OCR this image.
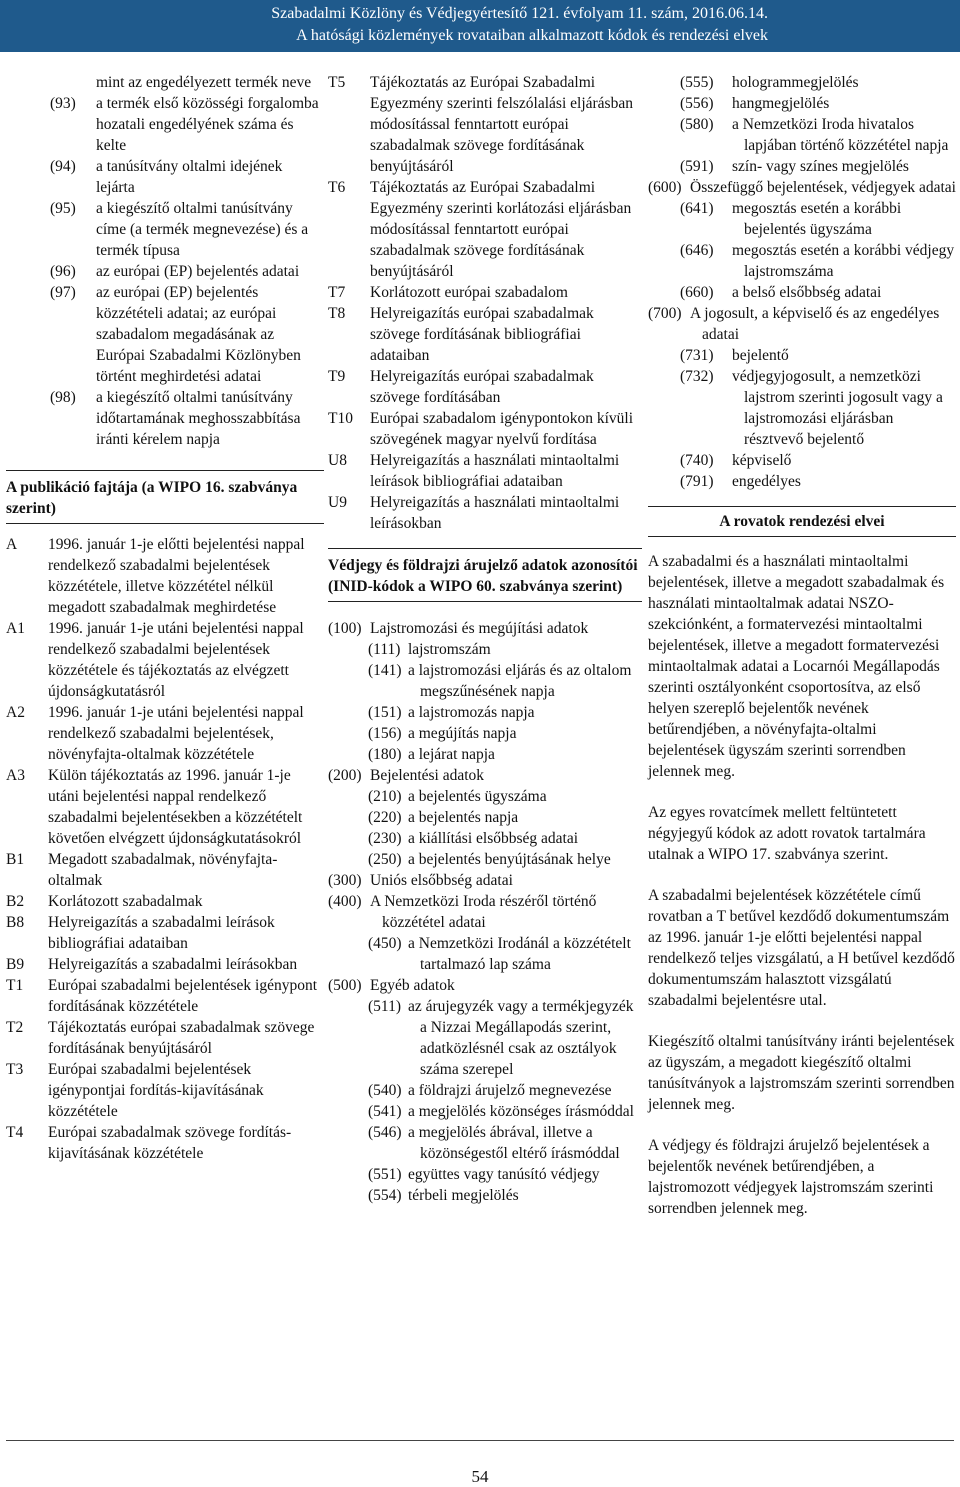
Szabadalmi Közlöny és Védjegyértesítő 121. évfolyam 11. szám, 2016.06.14.
A hatósági közlemények rovataiban alkalmazott kódok és rendezési elvek
mint az engedélyezett termék neve
(93)	a termék első közösségi forgalomba hozatali engedélyének száma és kelte
(94)	a tanúsítvány oltalmi idejének lejárta
(95)	a kiegészítő oltalmi tanúsítvány címe (a termék megnevezése) és a termék típusa
(96)	az európai (EP) bejelentés adatai
(97)	az európai (EP) bejelentés közzétételi adatai; az európai szabadalom megadásának az Európai Szabadalmi Közlönyben történt meghirdetési adatai
(98)	a kiegészítő oltalmi tanúsítvány időtartamának meghosszabbítása iránti kérelem napja
A publikáció fajtája (a WIPO 16. szabványa szerint)
A	1996. január 1-je előtti bejelentési nappal rendelkező szabadalmi bejelentések közzététele, illetve közzététel nélkül megadott szabadalmak meghirdetése
A1	1996. január 1-je utáni bejelentési nappal rendelkező szabadalmi bejelentések közzététele és tájékoztatás az elvégzett újdonságkutatásról
A2	1996. január 1-je utáni bejelentési nappal rendelkező szabadalmi bejelentések, növényfajta-oltalmak közzététele
A3	Külön tájékoztatás az 1996. január 1-je utáni bejelentési nappal rendelkező szabadalmi bejelentésekben a közzétételt követően elvégzett újdonságkutatásokról
B1	Megadott szabadalmak, növényfajta-oltalmak
B2	Korlátozott szabadalmak
B8	Helyreigazítás a szabadalmi leírások bibliográfiai adataiban
B9	Helyreigazítás a szabadalmi leírásokban
T1	Európai szabadalmi bejelentések igénypont fordításának közzététele
T2	Tájékoztatás európai szabadalmak szövege fordításának benyújtásáról
T3	Európai szabadalmi bejelentések igénypontjai fordítás-kijavításának közzététele
T4	Európai szabadalmak szövege fordítás-kijavításának közzététele
T5	Tájékoztatás az Európai Szabadalmi Egyezmény szerinti felszólalási eljárásban módosítással fenntartott európai szabadalmak szövege fordításának benyújtásáról
T6	Tájékoztatás az Európai Szabadalmi Egyezmény szerinti korlátozási eljárásban módosítással fenntartott európai szabadalmak szövege fordításának benyújtásáról
T7	Korlátozott európai szabadalom
T8	Helyreigazítás európai szabadalmak szövege fordításának bibliográfiai adataiban
T9	Helyreigazítás európai szabadalmak szövege fordításában
T10	Európai szabadalom igénypontokon kívüli szövegének magyar nyelvű fordítása
U8	Helyreigazítás a használati mintaoltalmi leírások bibliográfiai adataiban
U9	Helyreigazítás a használati mintaoltalmi leírásokban
Védjegy és földrajzi árujelző adatok azonosítói (INID-kódok a WIPO 60. szabványa szerint)
(100) Lajstromozási és megújítási adatok
(111) lajstromszám
(141) a lajstromozási eljárás és az oltalom megszűnésének napja
(151) a lajstromozás napja
(156) a megújítás napja
(180) a lejárat napja
(200) Bejelentési adatok
(210) a bejelentés ügyszáma
(220) a bejelentés napja
(230) a kiállítási elsőbbség adatai
(250) a bejelentés benyújtásának helye
(300) Uniós elsőbbség adatai
(400) A Nemzetközi Iroda részéről történő közzététel adatai
(450) a Nemzetközi Irodánál a közzétételt tartalmazó lap száma
(500) Egyéb adatok
(511) az árujegyzék vagy a termékjegyzék a Nizzai Megállapodás szerint, adatközlésnél csak az osztályok száma szerepel
(540) a földrajzi árujelző megnevezése
(541) a megjelölés közönséges írásmóddal
(546) a megjelölés ábrával, illetve a közönségestől eltérő írásmóddal
(551) együttes vagy tanúsító védjegy
(554) térbeli megjelölés
(555)	hologrammegjelölés
(556)	hangmegjelölés
(580)	a Nemzetközi Iroda hivatalos lapjában történő közzététel napja
(591)	szín- vagy színes megjelölés
(600) Összefüggő bejelentések, védjegyek adatai
(641)	megosztás esetén a korábbi bejelentés ügyszáma
(646)	megosztás esetén a korábbi védjegy lajstromszáma
(660)	a belső elsőbbség adatai
(700) A jogosult, a képviselő és az engedélyes adatai
(731)	bejelentő
(732)	védjegyjogosult, a nemzetközi lajstrom szerinti jogosult vagy a lajstromozási eljárásban résztvevő bejelentő
(740)	képviselő
(791)	engedélyes
A rovatok rendezési elvei

A szabadalmi és a használati mintaoltalmi bejelentések, illetve a megadott szabadalmak és használati mintaoltalmak adatai NSZO-szekciónként, a formatervezési mintaoltalmi bejelentések, illetve a megadott formatervezési mintaoltalmak adatai a Locarnói Megállapodás szerinti osztályonként csoportosítva, az első helyen szereplő bejelentők nevének betűrendjében, a növényfajta-oltalmi bejelentések ügyszám szerinti sorrendben jelennek meg.

Az egyes rovatcímek mellett feltüntetett négyjegyű kódok az adott rovatok tartalmára utalnak a WIPO 17. szabványa szerint.

A szabadalmi bejelentések közzététele című rovatban a T betűvel kezdődő dokumentumszám az 1996. január 1-je előtti bejelentési nappal rendelkező teljes vizsgálatú, a H betűvel kezdődő dokumentumszám halasztott vizsgálatú szabadalmi bejelentésre utal.

Kiegészítő oltalmi tanúsítvány iránti bejelentések az ügyszám, a megadott kiegészítő oltalmi tanúsítványok a lajstromszám szerinti sorrendben jelennek meg.

A védjegy és földrajzi árujelző bejelentések a bejelentők nevének betűrendjében, a lajstromozott védjegyek lajstromszám szerinti sorrendben jelennek meg.

54
